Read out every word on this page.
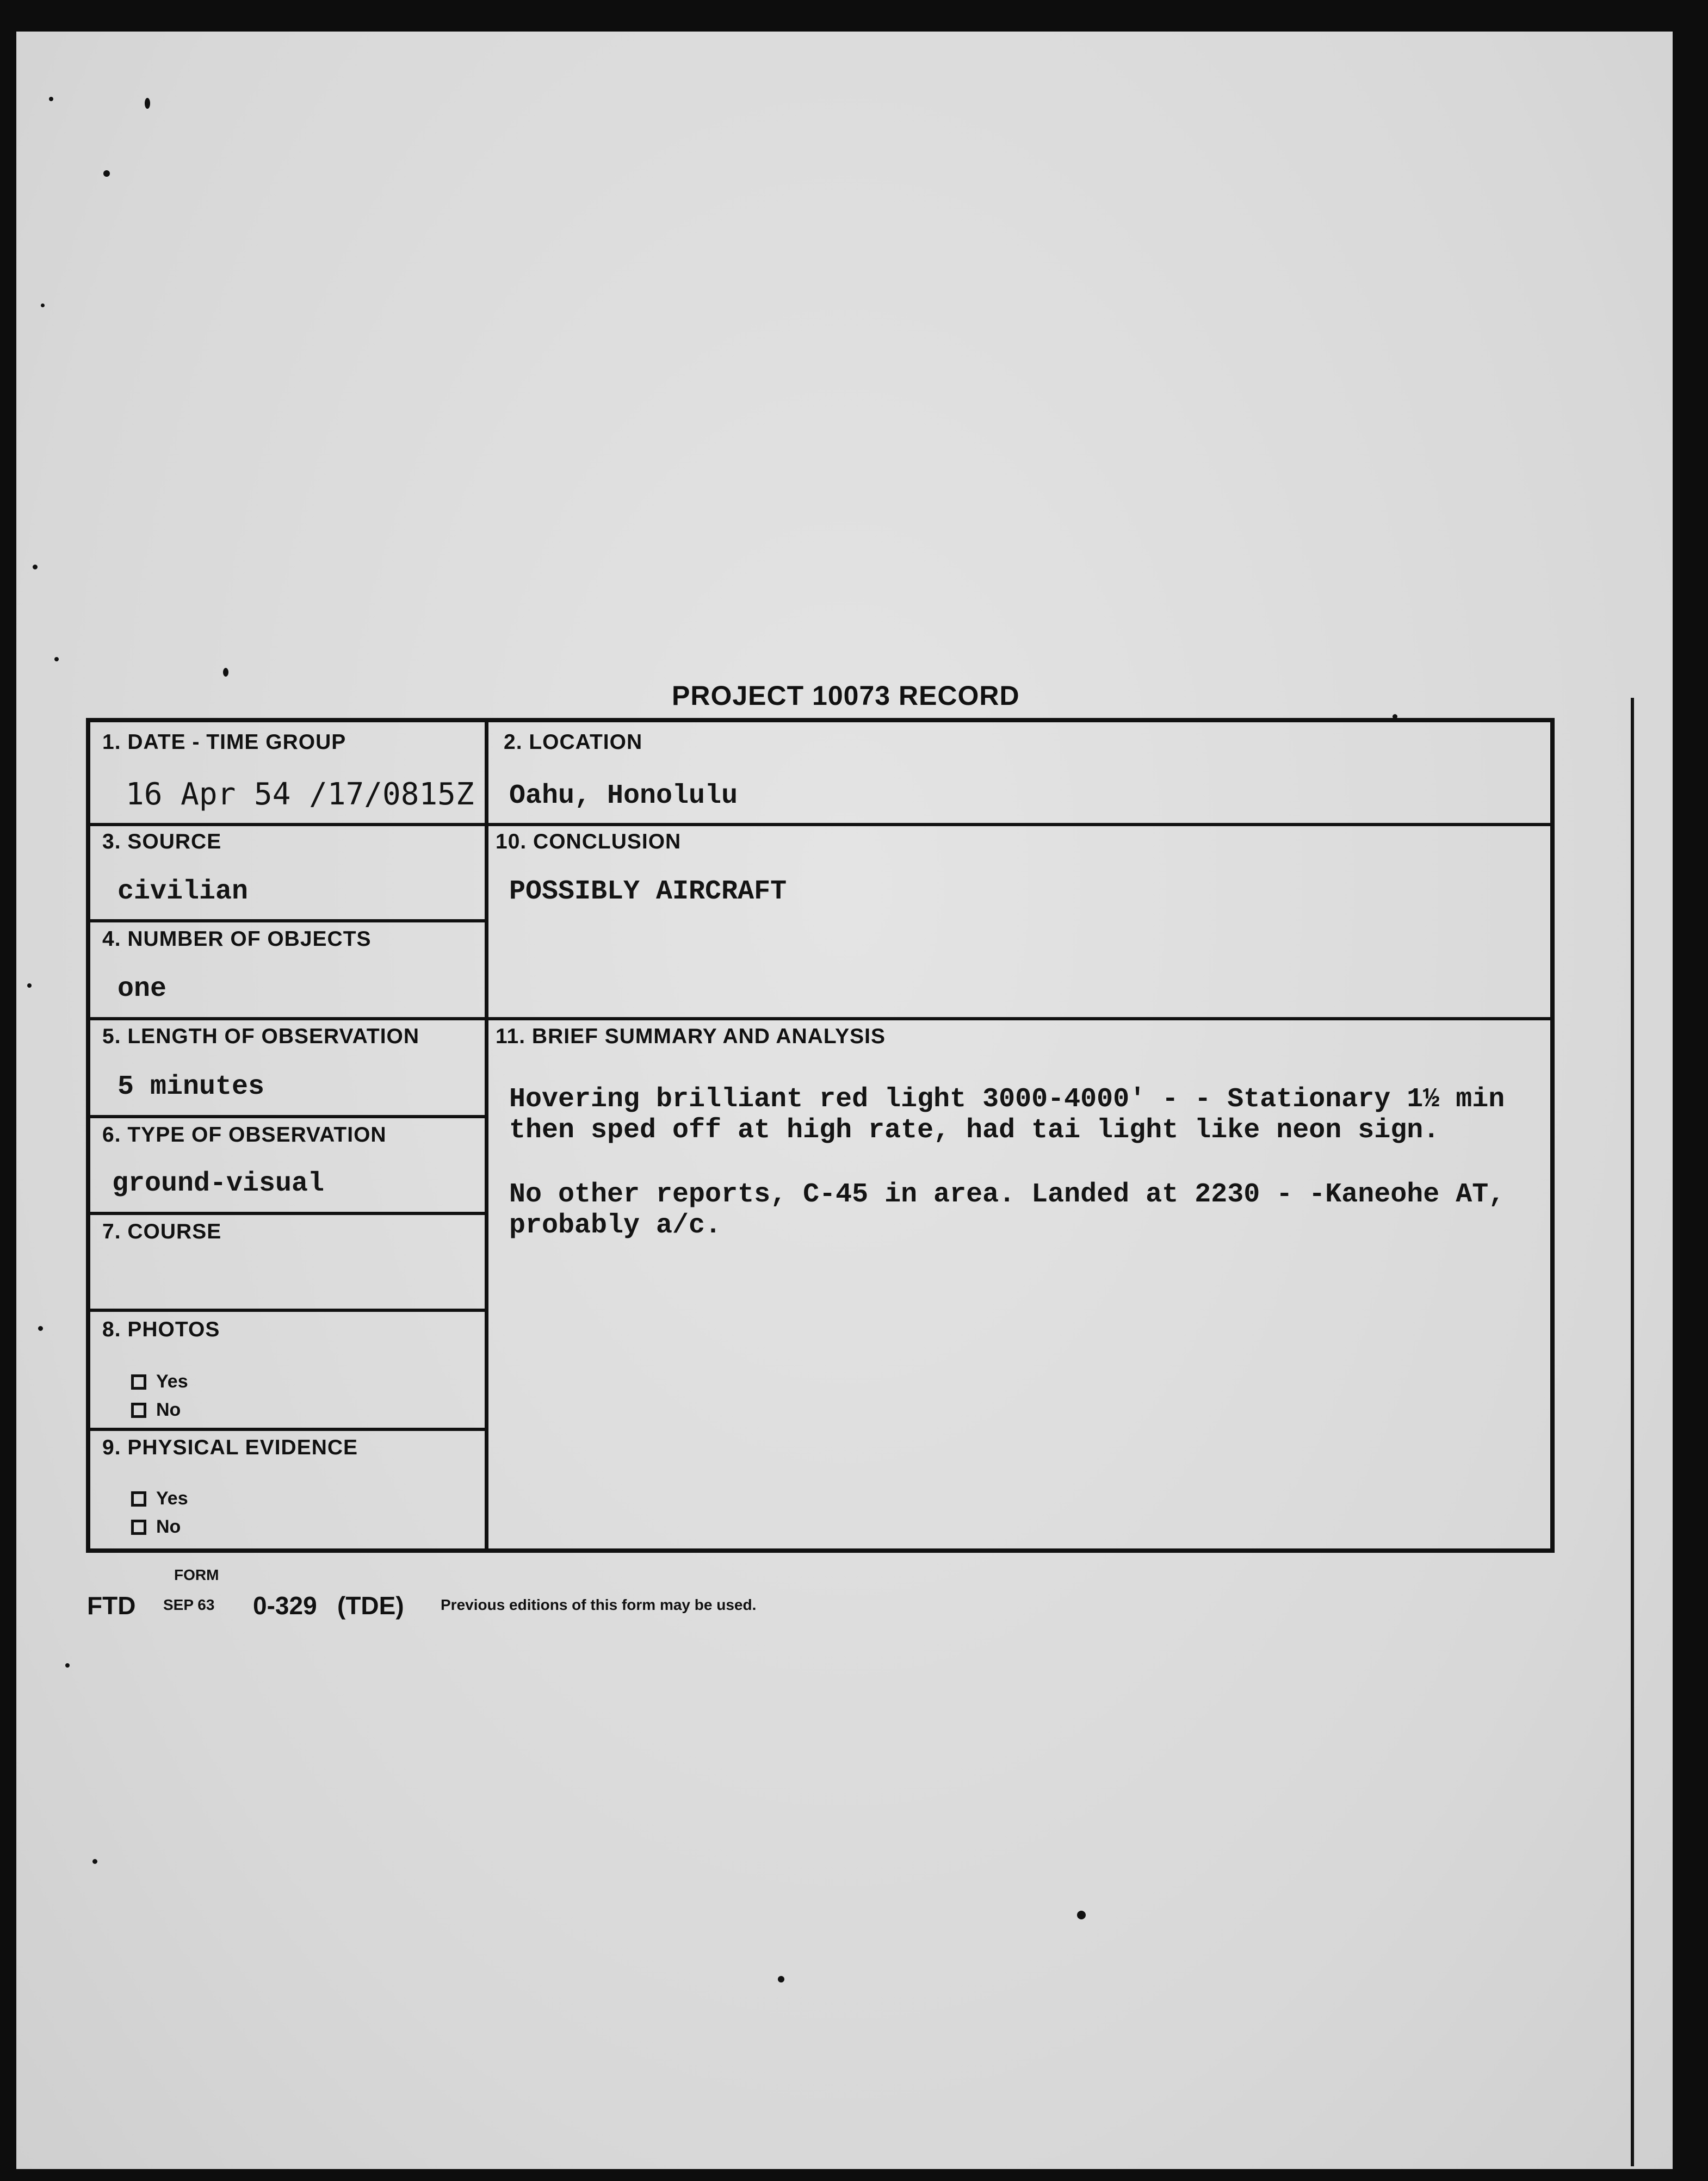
PROJECT 10073 RECORD
1. DATE - TIME GROUP
16 Apr 54 /17/0815Z
2. LOCATION
Oahu, Honolulu
3. SOURCE
civilian
10. CONCLUSION
POSSIBLY AIRCRAFT
4. NUMBER OF OBJECTS
one
5. LENGTH OF OBSERVATION
5 minutes
11. BRIEF SUMMARY AND ANALYSIS
Hovering brilliant red light 3000-4000' - - Stationary 1½ min
then sped off at high rate, had tai light like neon sign.
No other reports, C-45 in area. Landed at 2230 - -Kaneohe AT,
probably a/c.
6. TYPE OF OBSERVATION
ground-visual
7. COURSE
8. PHOTOS
Yes
No
9. PHYSICAL EVIDENCE
Yes
No
FTD
FORM
SEP 63 0-329 (TDE) Previous editions of this form may be used.
